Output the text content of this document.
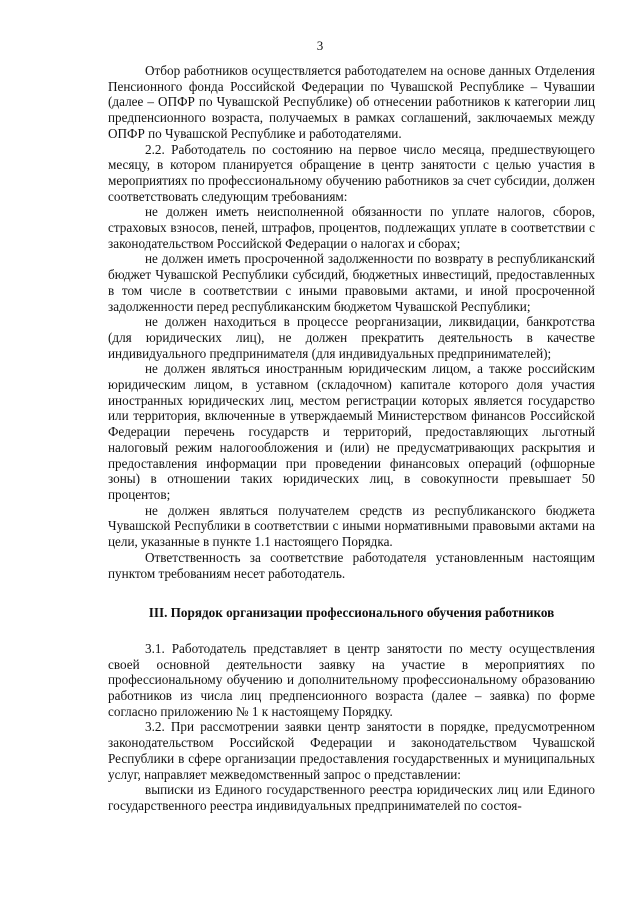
3

Отбор работников осуществляется работодателем на основе данных Отделения Пенсионного фонда Российской Федерации по Чувашской Республике – Чувашии (далее – ОПФР по Чувашской Республике) об отнесении работников к категории лиц предпенсионного возраста, получаемых в рамках соглашений, заключаемых между ОПФР по Чувашской Республике и работодателями.

2.2. Работодатель по состоянию на первое число месяца, предшествующего месяцу, в котором планируется обращение в центр занятости с целью участия в мероприятиях по профессиональному обучению работников за счет субсидии, должен соответствовать следующим требованиям:

не должен иметь неисполненной обязанности по уплате налогов, сборов, страховых взносов, пеней, штрафов, процентов, подлежащих уплате в соответствии с законодательством Российской Федерации о налогах и сборах;

не должен иметь просроченной задолженности по возврату в республиканский бюджет Чувашской Республики субсидий, бюджетных инвестиций, предоставленных в том числе в соответствии с иными правовыми актами, и иной просроченной задолженности перед республиканским бюджетом Чувашской Республики;

не должен находиться в процессе реорганизации, ликвидации, банкротства (для юридических лиц), не должен прекратить деятельность в качестве индивидуального предпринимателя (для индивидуальных предпринимателей);

не должен являться иностранным юридическим лицом, а также российским юридическим лицом, в уставном (складочном) капитале которого доля участия иностранных юридических лиц, местом регистрации которых является государство или территория, включенные в утверждаемый Министерством финансов Российской Федерации перечень государств и территорий, предоставляющих льготный налоговый режим налогообложения и (или) не предусматривающих раскрытия и предоставления информации при проведении финансовых операций (офшорные зоны) в отношении таких юридических лиц, в совокупности превышает 50 процентов;

не должен являться получателем средств из республиканского бюджета Чувашской Республики в соответствии с иными нормативными правовыми актами на цели, указанные в пункте 1.1 настоящего Порядка.

Ответственность за соответствие работодателя установленным настоящим пунктом требованиям несет работодатель.

III. Порядок организации профессионального обучения работников

3.1. Работодатель представляет в центр занятости по месту осуществления своей основной деятельности заявку на участие в мероприятиях по профессиональному обучению и дополнительному профессиональному образованию работников из числа лиц предпенсионного возраста (далее – заявка) по форме согласно приложению № 1 к настоящему Порядку.

3.2. При рассмотрении заявки центр занятости в порядке, предусмотренном законодательством Российской Федерации и законодательством Чувашской Республики в сфере организации предоставления государственных и муниципальных услуг, направляет межведомственный запрос о представлении:

выписки из Единого государственного реестра юридических лиц или Единого государственного реестра индивидуальных предпринимателей по состоя-
